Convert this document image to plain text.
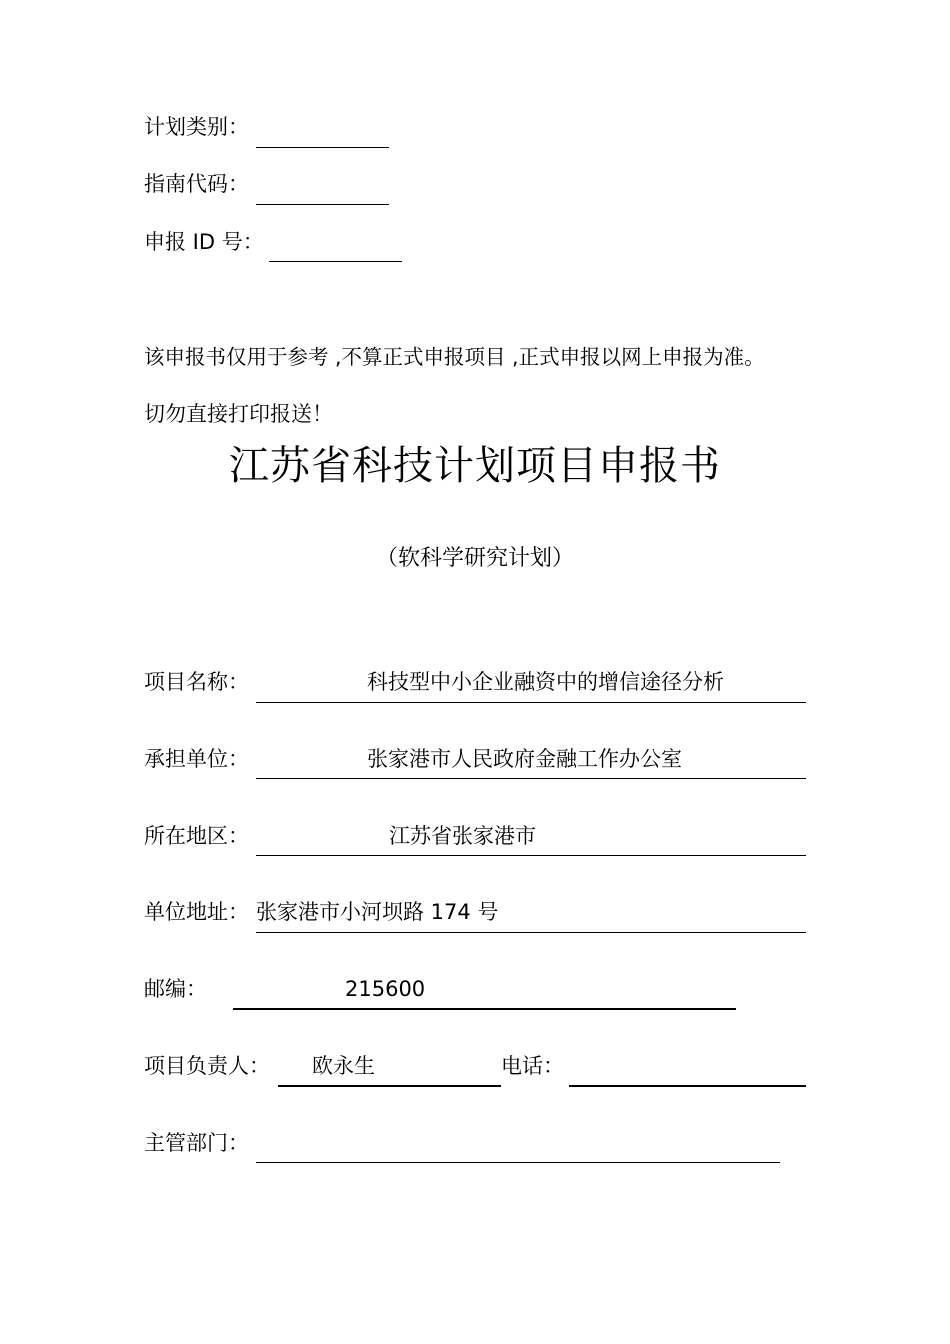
计划类别：
指南代码：
申报 ID 号：
该申报书仅用于参考 ,不算正式申报项目 ,正式申报以网上申报为准。
切勿直接打印报送！
江苏省科技计划项目申报书
（软科学研究计划）
项目名称：	科技型中小企业融资中的增信途径分析
承担单位：	张家港市人民政府金融工作办公室
所在地区：	江苏省张家港市
单位地址： 张家港市小河坝路 174 号
邮编：	215600
项目负责人： 欧永生	电话：
主管部门：
